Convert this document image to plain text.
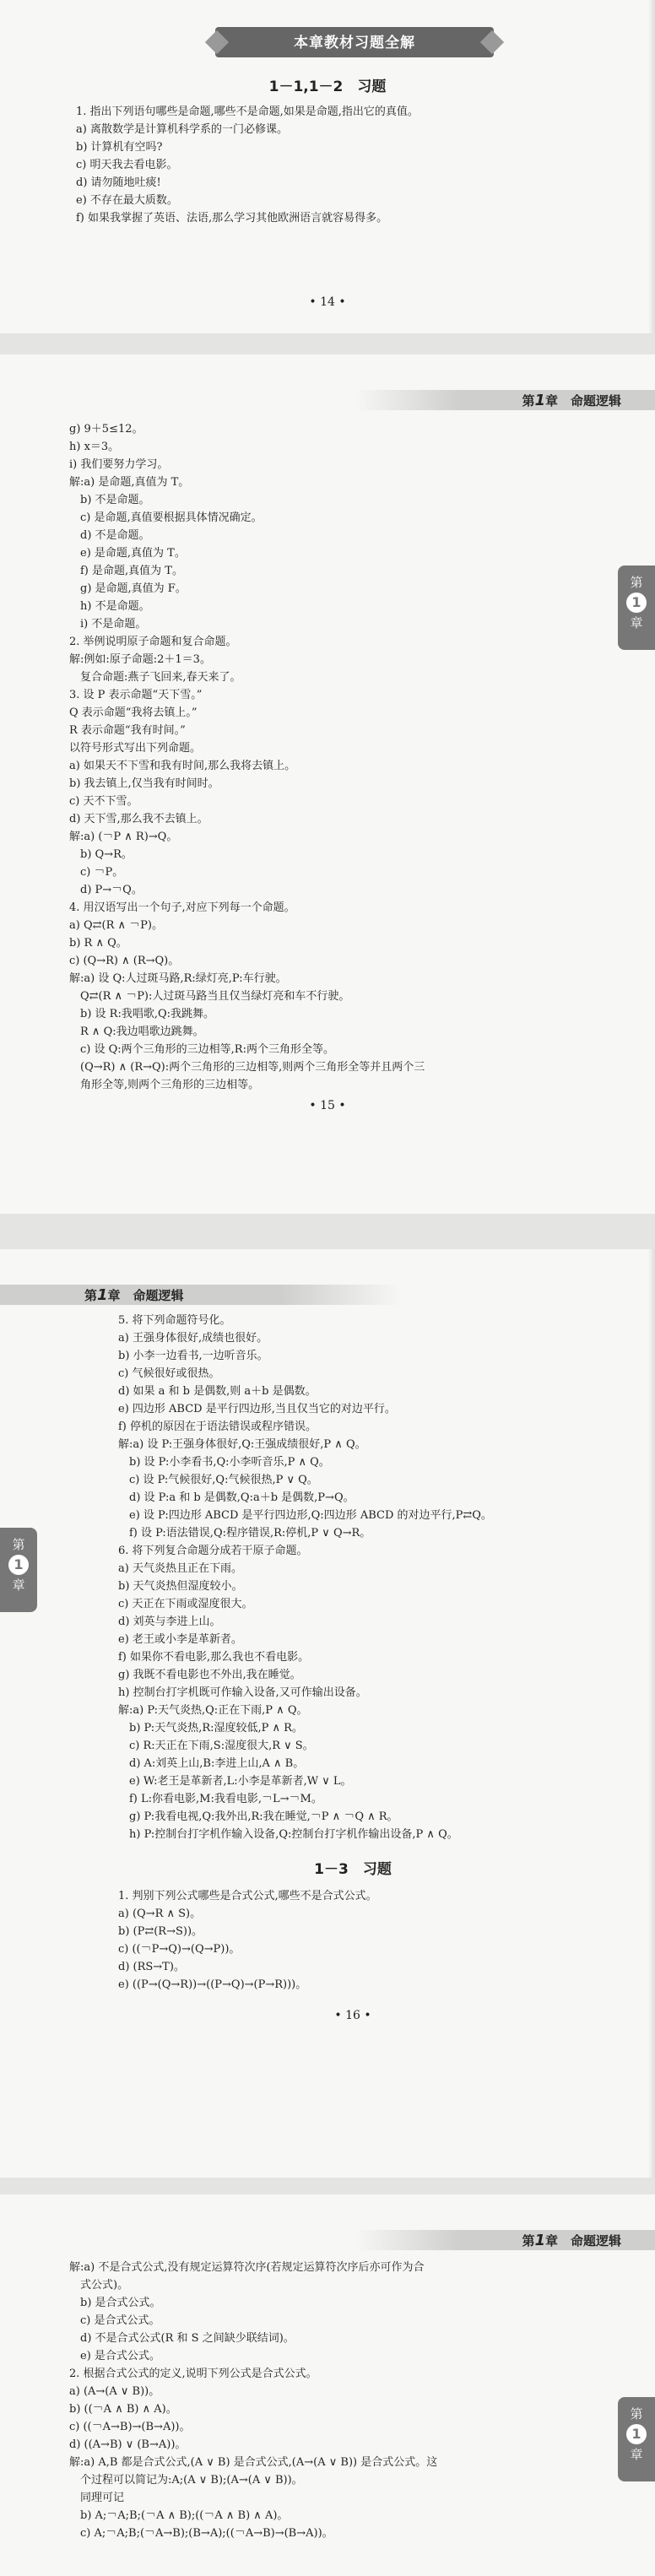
本章教材习题全解
1－1,1－2　习题
1. 指出下列语句哪些是命题,哪些不是命题,如果是命题,指出它的真值。
a) 离散数学是计算机科学系的一门必修课。
b) 计算机有空吗?
c) 明天我去看电影。
d) 请勿随地吐痰!
e) 不存在最大质数。
f) 如果我掌握了英语、法语,那么学习其他欧洲语言就容易得多。
• 14 •
第1章　命题逻辑
第
1
章
g) 9＋5≤12。
h) x＝3。
i) 我们要努力学习。
解:a) 是命题,真值为 T。
　b) 不是命题。
　c) 是命题,真值要根据具体情况确定。
　d) 不是命题。
　e) 是命题,真值为 T。
　f) 是命题,真值为 T。
　g) 是命题,真值为 F。
　h) 不是命题。
　i) 不是命题。
2. 举例说明原子命题和复合命题。
解:例如:原子命题:2＋1＝3。
　复合命题:燕子飞回来,春天来了。
3. 设 P 表示命题“天下雪。”
Q 表示命题“我将去镇上。”
R 表示命题“我有时间。”
以符号形式写出下列命题。
a) 如果天不下雪和我有时间,那么我将去镇上。
b) 我去镇上,仅当我有时间时。
c) 天不下雪。
d) 天下雪,那么我不去镇上。
解:a) (￢P ∧ R)→Q。
　b) Q→R。
　c) ￢P。
　d) P→￢Q。
4. 用汉语写出一个句子,对应下列每一个命题。
a) Q⇄(R ∧ ￢P)。
b) R ∧ Q。
c) (Q→R) ∧ (R→Q)。
解:a) 设 Q:人过斑马路,R:绿灯亮,P:车行驶。
　Q⇄(R ∧ ￢P):人过斑马路当且仅当绿灯亮和车不行驶。
　b) 设 R:我唱歌,Q:我跳舞。
　R ∧ Q:我边唱歌边跳舞。
　c) 设 Q:两个三角形的三边相等,R:两个三角形全等。
　(Q→R) ∧ (R→Q):两个三角形的三边相等,则两个三角形全等并且两个三
　角形全等,则两个三角形的三边相等。
• 15 •
第1章　命题逻辑
第
1
章
5. 将下列命题符号化。
a) 王强身体很好,成绩也很好。
b) 小李一边看书,一边听音乐。
c) 气候很好或很热。
d) 如果 a 和 b 是偶数,则 a＋b 是偶数。
e) 四边形 ABCD 是平行四边形,当且仅当它的对边平行。
f) 停机的原因在于语法错误或程序错误。
解:a) 设 P:王强身体很好,Q:王强成绩很好,P ∧ Q。
　b) 设 P:小李看书,Q:小李听音乐,P ∧ Q。
　c) 设 P:气候很好,Q:气候很热,P ∨ Q。
　d) 设 P:a 和 b 是偶数,Q:a＋b 是偶数,P→Q。
　e) 设 P:四边形 ABCD 是平行四边形,Q:四边形 ABCD 的对边平行,P⇄Q。
　f) 设 P:语法错误,Q:程序错误,R:停机,P ∨ Q→R。
6. 将下列复合命题分成若干原子命题。
a) 天气炎热且正在下雨。
b) 天气炎热但湿度较小。
c) 天正在下雨或湿度很大。
d) 刘英与李进上山。
e) 老王或小李是革新者。
f) 如果你不看电影,那么我也不看电影。
g) 我既不看电影也不外出,我在睡觉。
h) 控制台打字机既可作输入设备,又可作输出设备。
解:a) P:天气炎热,Q:正在下雨,P ∧ Q。
　b) P:天气炎热,R:湿度较低,P ∧ R。
　c) R:天正在下雨,S:湿度很大,R ∨ S。
　d) A:刘英上山,B:李进上山,A ∧ B。
　e) W:老王是革新者,L:小李是革新者,W ∨ L。
　f) L:你看电影,M:我看电影,￢L→￢M。
　g) P:我看电视,Q:我外出,R:我在睡觉,￢P ∧ ￢Q ∧ R。
　h) P:控制台打字机作输入设备,Q:控制台打字机作输出设备,P ∧ Q。
1－3　习题
1. 判别下列公式哪些是合式公式,哪些不是合式公式。
a) (Q→R ∧ S)。
b) (P⇄(R→S))。
c) ((￢P→Q)→(Q→P))。
d) (RS→T)。
e) ((P→(Q→R))→((P→Q)→(P→R)))。
• 16 •
第1章　命题逻辑
第
1
章
解:a) 不是合式公式,没有规定运算符次序(若规定运算符次序后亦可作为合
　式公式)。
　b) 是合式公式。
　c) 是合式公式。
　d) 不是合式公式(R 和 S 之间缺少联结词)。
　e) 是合式公式。
2. 根据合式公式的定义,说明下列公式是合式公式。
a) (A→(A ∨ B))。
b) ((￢A ∧ B) ∧ A)。
c) ((￢A→B)→(B→A))。
d) ((A→B) ∨ (B→A))。
解:a) A,B 都是合式公式,(A ∨ B) 是合式公式,(A→(A ∨ B)) 是合式公式。这
　个过程可以简记为:A;(A ∨ B);(A→(A ∨ B))。
　同理可记
　b) A;￢A;B;(￢A ∧ B);((￢A ∧ B) ∧ A)。
　c) A;￢A;B;(￢A→B);(B→A);((￢A→B)→(B→A))。
